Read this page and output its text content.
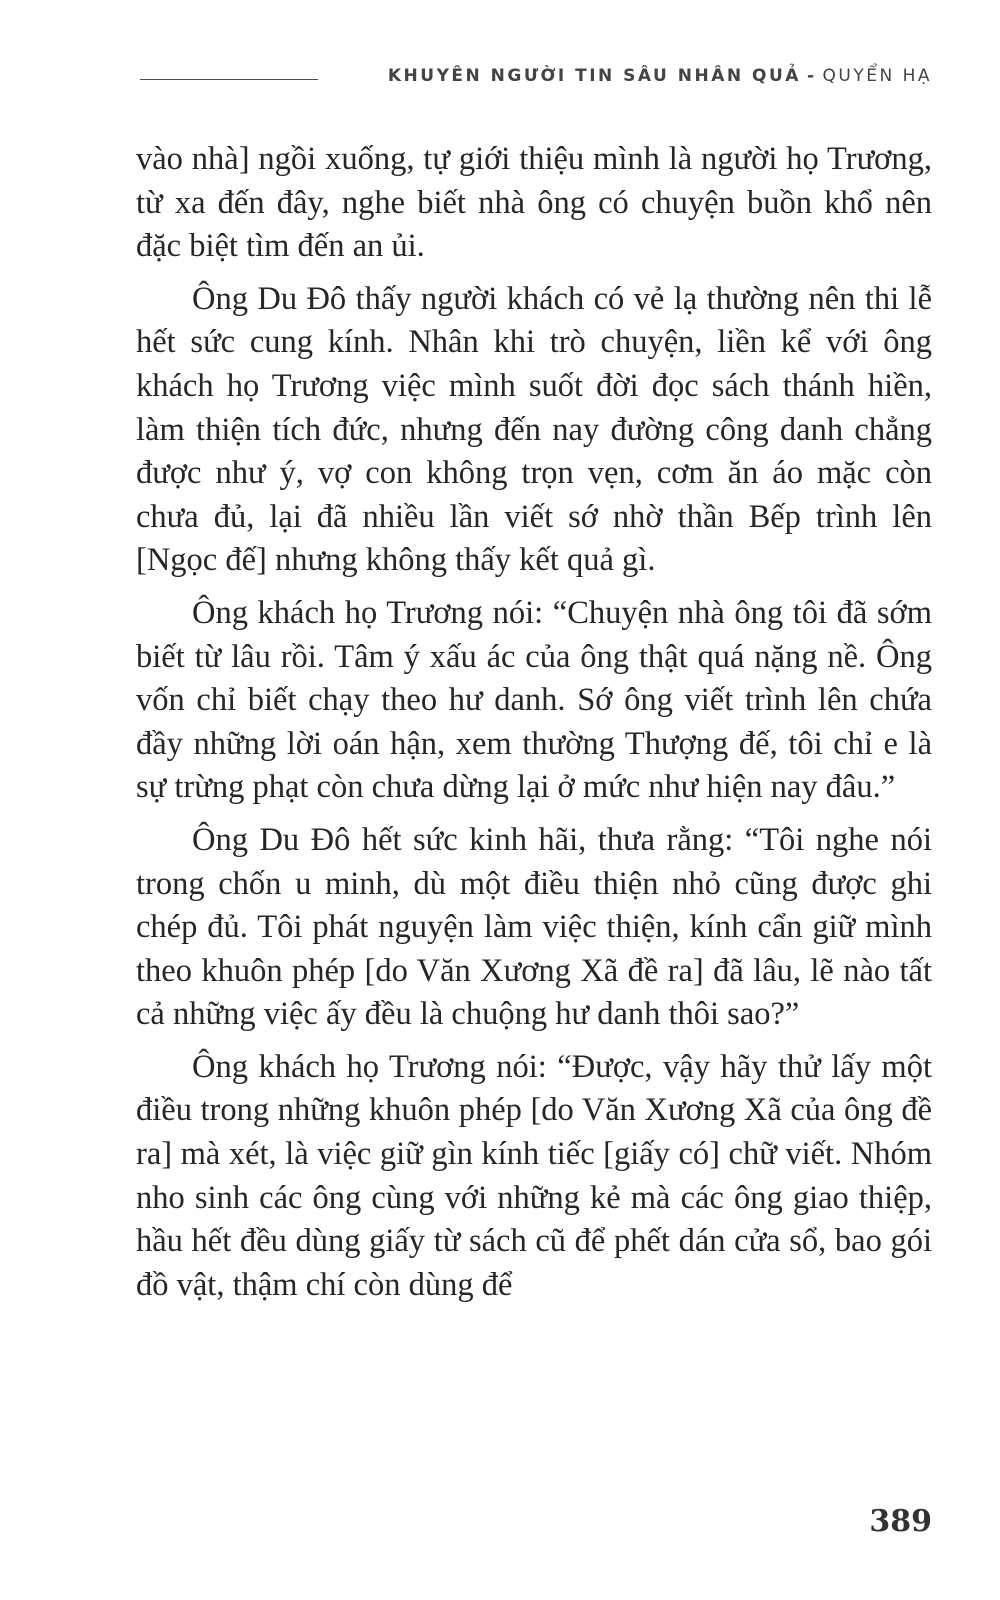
KHUYÊN NGƯỜI TIN SÂU NHÂN QUẢ - QUYỂN HẠ

vào nhà] ngồi xuống, tự giới thiệu mình là người họ Trương, từ xa đến đây, nghe biết nhà ông có chuyện buồn khổ nên đặc biệt tìm đến an ủi.

Ông Du Đô thấy người khách có vẻ lạ thường nên thi lễ hết sức cung kính. Nhân khi trò chuyện, liền kể với ông khách họ Trương việc mình suốt đời đọc sách thánh hiền, làm thiện tích đức, nhưng đến nay đường công danh chẳng được như ý, vợ con không trọn vẹn, cơm ăn áo mặc còn chưa đủ, lại đã nhiều lần viết sớ nhờ thần Bếp trình lên [Ngọc đế] nhưng không thấy kết quả gì.

Ông khách họ Trương nói: “Chuyện nhà ông tôi đã sớm biết từ lâu rồi. Tâm ý xấu ác của ông thật quá nặng nề. Ông vốn chỉ biết chạy theo hư danh. Sớ ông viết trình lên chứa đầy những lời oán hận, xem thường Thượng đế, tôi chỉ e là sự trừng phạt còn chưa dừng lại ở mức như hiện nay đâu.”

Ông Du Đô hết sức kinh hãi, thưa rằng: “Tôi nghe nói trong chốn u minh, dù một điều thiện nhỏ cũng được ghi chép đủ. Tôi phát nguyện làm việc thiện, kính cẩn giữ mình theo khuôn phép [do Văn Xương Xã đề ra] đã lâu, lẽ nào tất cả những việc ấy đều là chuộng hư danh thôi sao?”

Ông khách họ Trương nói: “Được, vậy hãy thử lấy một điều trong những khuôn phép [do Văn Xương Xã của ông đề ra] mà xét, là việc giữ gìn kính tiếc [giấy có] chữ viết. Nhóm nho sinh các ông cùng với những kẻ mà các ông giao thiệp, hầu hết đều dùng giấy từ sách cũ để phết dán cửa sổ, bao gói đồ vật, thậm chí còn dùng để

389
